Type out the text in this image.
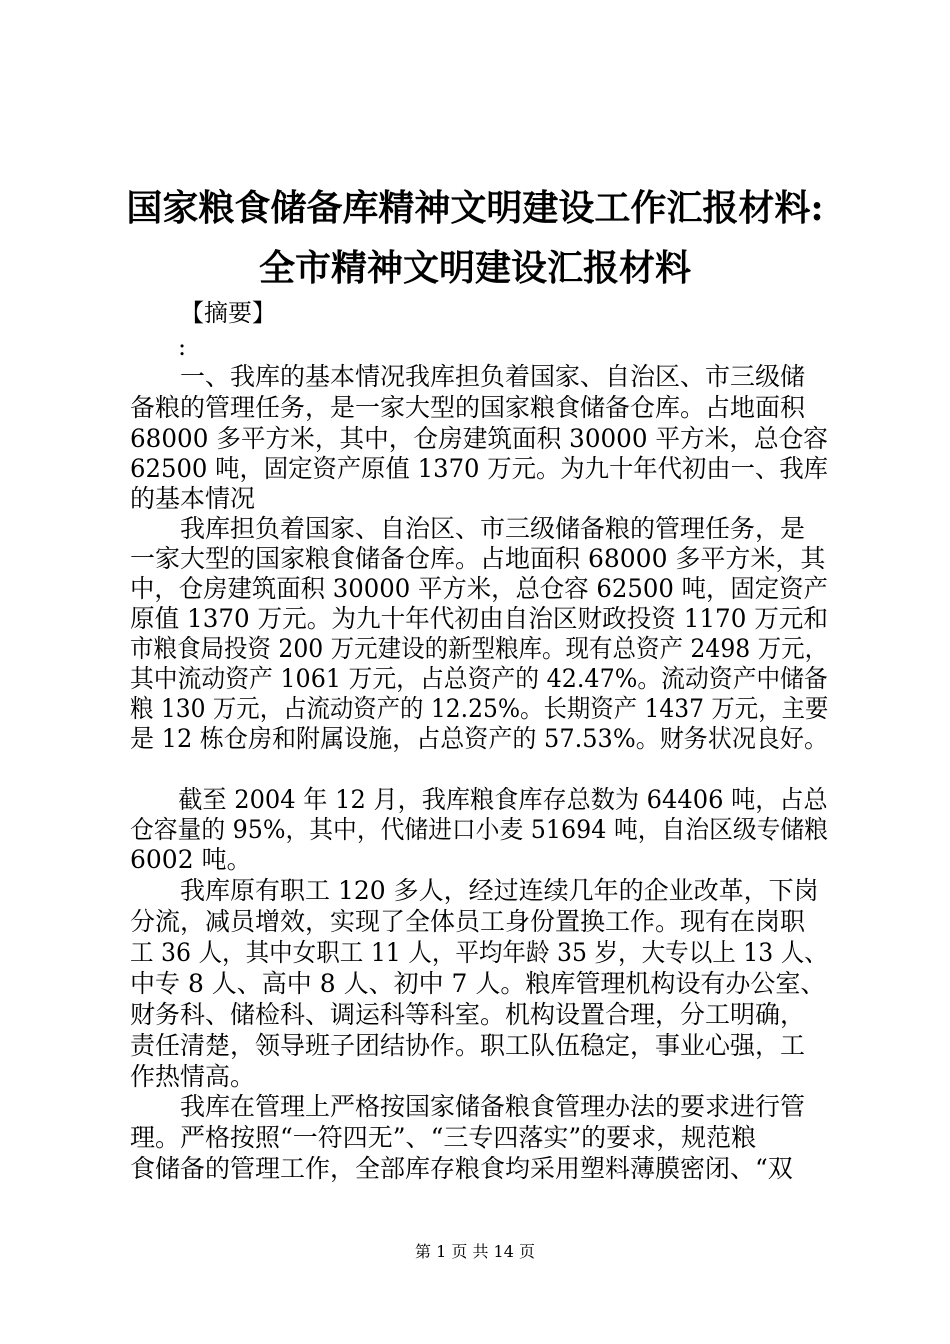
国家粮食储备库精神文明建设工作汇报材料:
全市精神文明建设汇报材料
【摘要】
:
　　一、我库的基本情况我库担负着国家、自治区、市三级储
备粮的管理任务，是一家大型的国家粮食储备仓库。占地面积
68000 多平方米，其中，仓房建筑面积 30000 平方米，总仓容
62500 吨，固定资产原值 1370 万元。为九十年代初由一、我库
的基本情况
　　我库担负着国家、自治区、市三级储备粮的管理任务，是
一家大型的国家粮食储备仓库。占地面积 68000 多平方米，其
中，仓房建筑面积 30000 平方米，总仓容 62500 吨，固定资产
原值 1370 万元。为九十年代初由自治区财政投资 1170 万元和
市粮食局投资 200 万元建设的新型粮库。现有总资产 2498 万元，
其中流动资产 1061 万元，占总资产的 42.47%。流动资产中储备
粮 130 万元，占流动资产的 12.25%。长期资产 1437 万元，主要
是 12 栋仓房和附属设施，占总资产的 57.53%。财务状况良好。
　　截至 2004 年 12 月，我库粮食库存总数为 64406 吨，占总
仓容量的 95%，其中，代储进口小麦 51694 吨，自治区级专储粮
6002 吨。
　　我库原有职工 120 多人，经过连续几年的企业改革，下岗
分流，减员增效，实现了全体员工身份置换工作。现有在岗职
工 36 人，其中女职工 11 人，平均年龄 35 岁，大专以上 13 人、
中专 8 人、高中 8 人、初中 7 人。粮库管理机构设有办公室、
财务科、储检科、调运科等科室。机构设置合理，分工明确，
责任清楚，领导班子团结协作。职工队伍稳定，事业心强，工
作热情高。
　　我库在管理上严格按国家储备粮食管理办法的要求进行管
理。严格按照“一符四无”、“三专四落实”的要求，规范粮
食储备的管理工作，全部库存粮食均采用塑料薄膜密闭、“双
第 1 页 共 14 页
